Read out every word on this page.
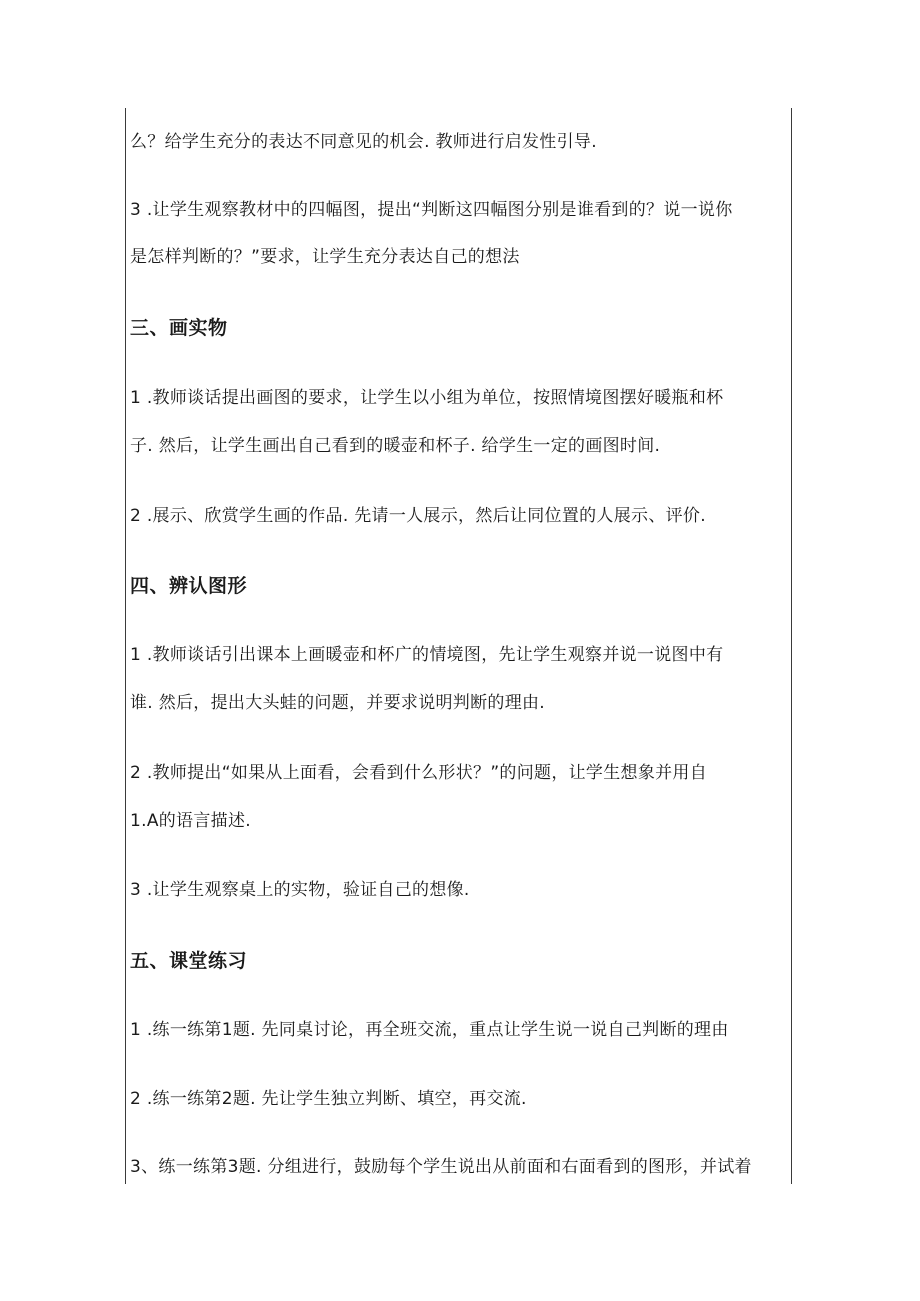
么？给学生充分的表达不同意见的机会. 教师进行启发性引导.
3 .让学生观察教材中的四幅图，提出“判断这四幅图分别是谁看到的？说一说你
是怎样判断的？”要求，让学生充分表达自己的想法
三、画实物
1 .教师谈话提出画图的要求，让学生以小组为单位，按照情境图摆好暖瓶和杯
子. 然后，让学生画出自己看到的暖壶和杯子. 给学生一定的画图时间.
2 .展示、欣赏学生画的作品. 先请一人展示，然后让同位置的人展示、评价.
四、辨认图形
1 .教师谈话引出课本上画暖壶和杯广的情境图，先让学生观察并说一说图中有
谁. 然后，提出大头蛙的问题，并要求说明判断的理由.
2 .教师提出“如果从上面看，会看到什么形状？”的问题，让学生想象并用自
1.A的语言描述.
3 .让学生观察桌上的实物，验证自己的想像.
五、课堂练习
1 .练一练第1题. 先同桌讨论，再全班交流，重点让学生说一说自己判断的理由
2 .练一练第2题. 先让学生独立判断、填空，再交流.
3、练一练第3题. 分组进行，鼓励每个学生说出从前面和右面看到的图形，并试着
